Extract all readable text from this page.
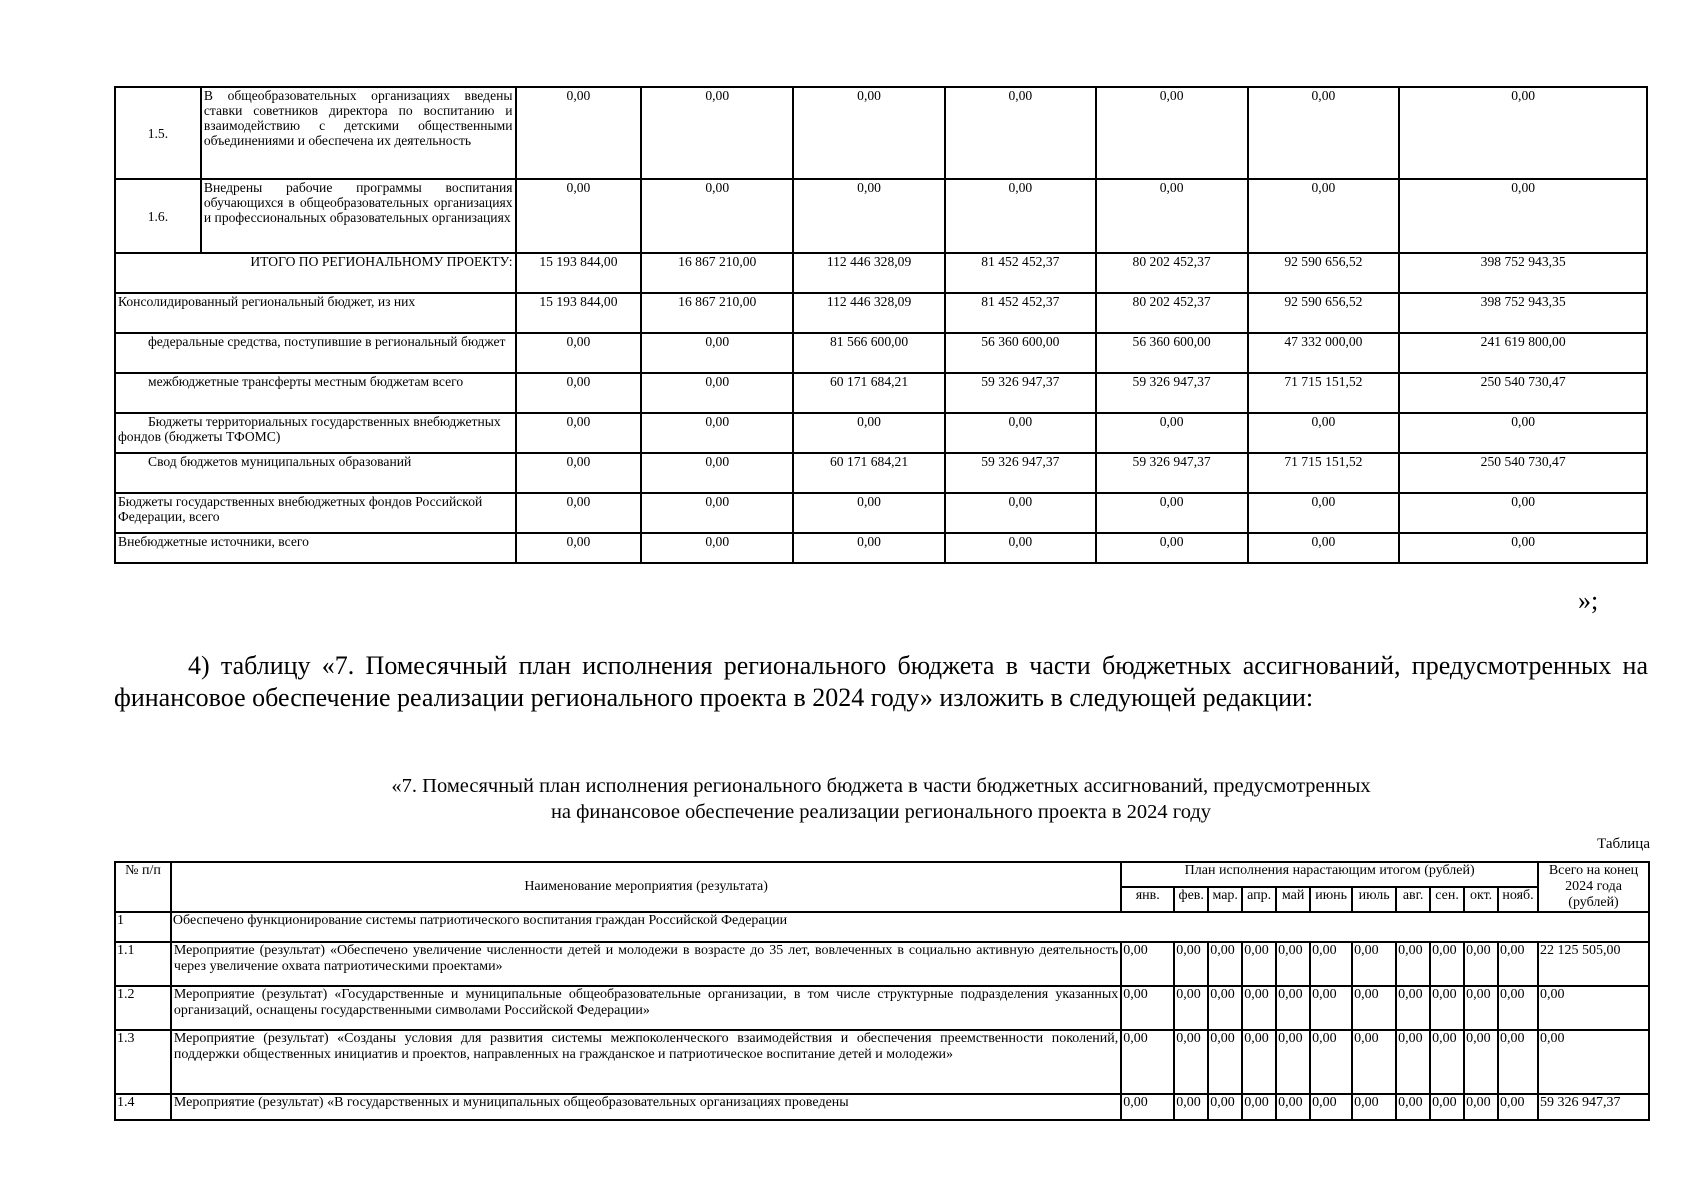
1.5.	В общеобразовательных организациях введены ставки советников директора по воспитанию и взаимодействию с детскими общественными объединениями и обеспечена их деятельность	0,00	0,00	0,00	0,00	0,00	0,00	0,00
1.6.	Внедрены рабочие программы воспитания обучающихся в общеобразовательных организациях и профессиональных образовательных организациях	0,00	0,00	0,00	0,00	0,00	0,00	0,00
ИТОГО ПО РЕГИОНАЛЬНОМУ ПРОЕКТУ:		15 193 844,00	16 867 210,00	112 446 328,09	81 452 452,37	80 202 452,37	92 590 656,52	398 752 943,35
Консолидированный региональный бюджет, из них		15 193 844,00	16 867 210,00	112 446 328,09	81 452 452,37	80 202 452,37	92 590 656,52	398 752 943,35
федеральные средства, поступившие в региональный бюджет		0,00	0,00	81 566 600,00	56 360 600,00	56 360 600,00	47 332 000,00	241 619 800,00
межбюджетные трансферты местным бюджетам всего		0,00	0,00	60 171 684,21	59 326 947,37	59 326 947,37	71 715 151,52	250 540 730,47
Бюджеты территориальных государственных внебюджетных фондов (бюджеты ТФОМС)		0,00	0,00	0,00	0,00	0,00	0,00	0,00
Свод бюджетов муниципальных образований		0,00	0,00	60 171 684,21	59 326 947,37	59 326 947,37	71 715 151,52	250 540 730,47
Бюджеты государственных внебюджетных фондов Российской Федерации, всего		0,00	0,00	0,00	0,00	0,00	0,00	0,00
Внебюджетные источники, всего		0,00	0,00	0,00	0,00	0,00	0,00	0,00
»;
4) таблицу «7. Помесячный план исполнения регионального бюджета в части бюджетных ассигнований, предусмотренных на финансовое обеспечение реализации регионального проекта в 2024 году» изложить в следующей редакции:
«7. Помесячный план исполнения регионального бюджета в части бюджетных ассигнований, предусмотренных
на финансовое обеспечение реализации регионального проекта в 2024 году
Таблица
№ п/п	Наименование мероприятия (результата)	План исполнения нарастающим итогом (рублей)											Всего на конец 2024 года (рублей)
		янв.	фев.	мар.	апр.	май	июнь	июль	авг.	сен.	окт.	нояб.	
1	Обеспечено функционирование системы патриотического воспитания граждан Российской Федерации												
1.1	Мероприятие (результат) «Обеспечено увеличение численности детей и молодежи в возрасте до 35 лет, вовлеченных в социально активную деятельность через увеличение охвата патриотическими проектами»	0,00	0,00	0,00	0,00	0,00	0,00	0,00	0,00	0,00	0,00	0,00	22 125 505,00
1.2	Мероприятие (результат) «Государственные и муниципальные общеобразовательные организации, в том числе структурные подразделения указанных организаций, оснащены государственными символами Российской Федерации»	0,00	0,00	0,00	0,00	0,00	0,00	0,00	0,00	0,00	0,00	0,00	0,00
1.3	Мероприятие (результат) «Созданы условия для развития системы межпоколенческого взаимодействия и обеспечения преемственности поколений, поддержки общественных инициатив и проектов, направленных на гражданское и патриотическое воспитание детей и молодежи»	0,00	0,00	0,00	0,00	0,00	0,00	0,00	0,00	0,00	0,00	0,00	0,00
1.4	Мероприятие (результат) «В государственных и муниципальных общеобразовательных организациях проведены	0,00	0,00	0,00	0,00	0,00	0,00	0,00	0,00	0,00	0,00	0,00	59 326 947,37
